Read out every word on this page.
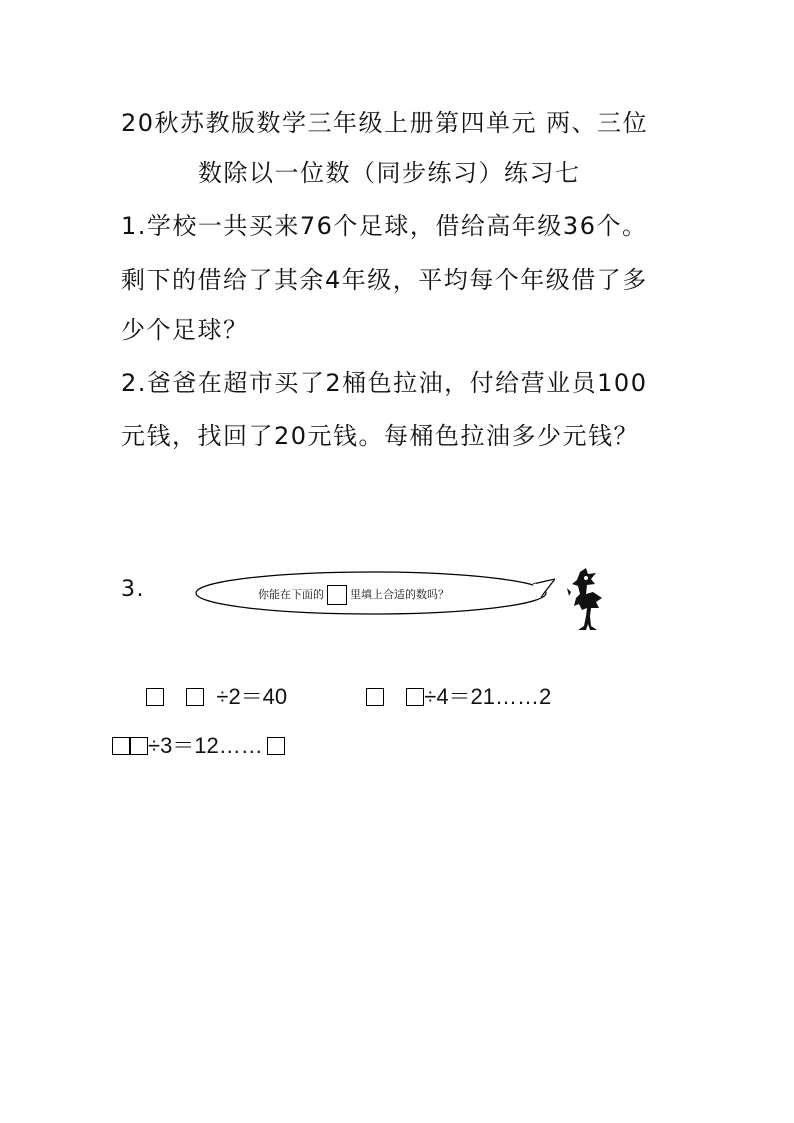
20秋苏教版数学三年级上册第四单元 两、三位
数除以一位数（同步练习）练习七
1.学校一共买来76个足球，借给高年级36个。
剩下的借给了其余4年级，平均每个年级借了多
少个足球？
2.爸爸在超市买了2桶色拉油，付给营业员100
元钱，找回了20元钱。每桶色拉油多少元钱？
3.	你能在下面的 里填上合适的数吗？
÷2＝40	÷4＝21……2
÷3＝12……
